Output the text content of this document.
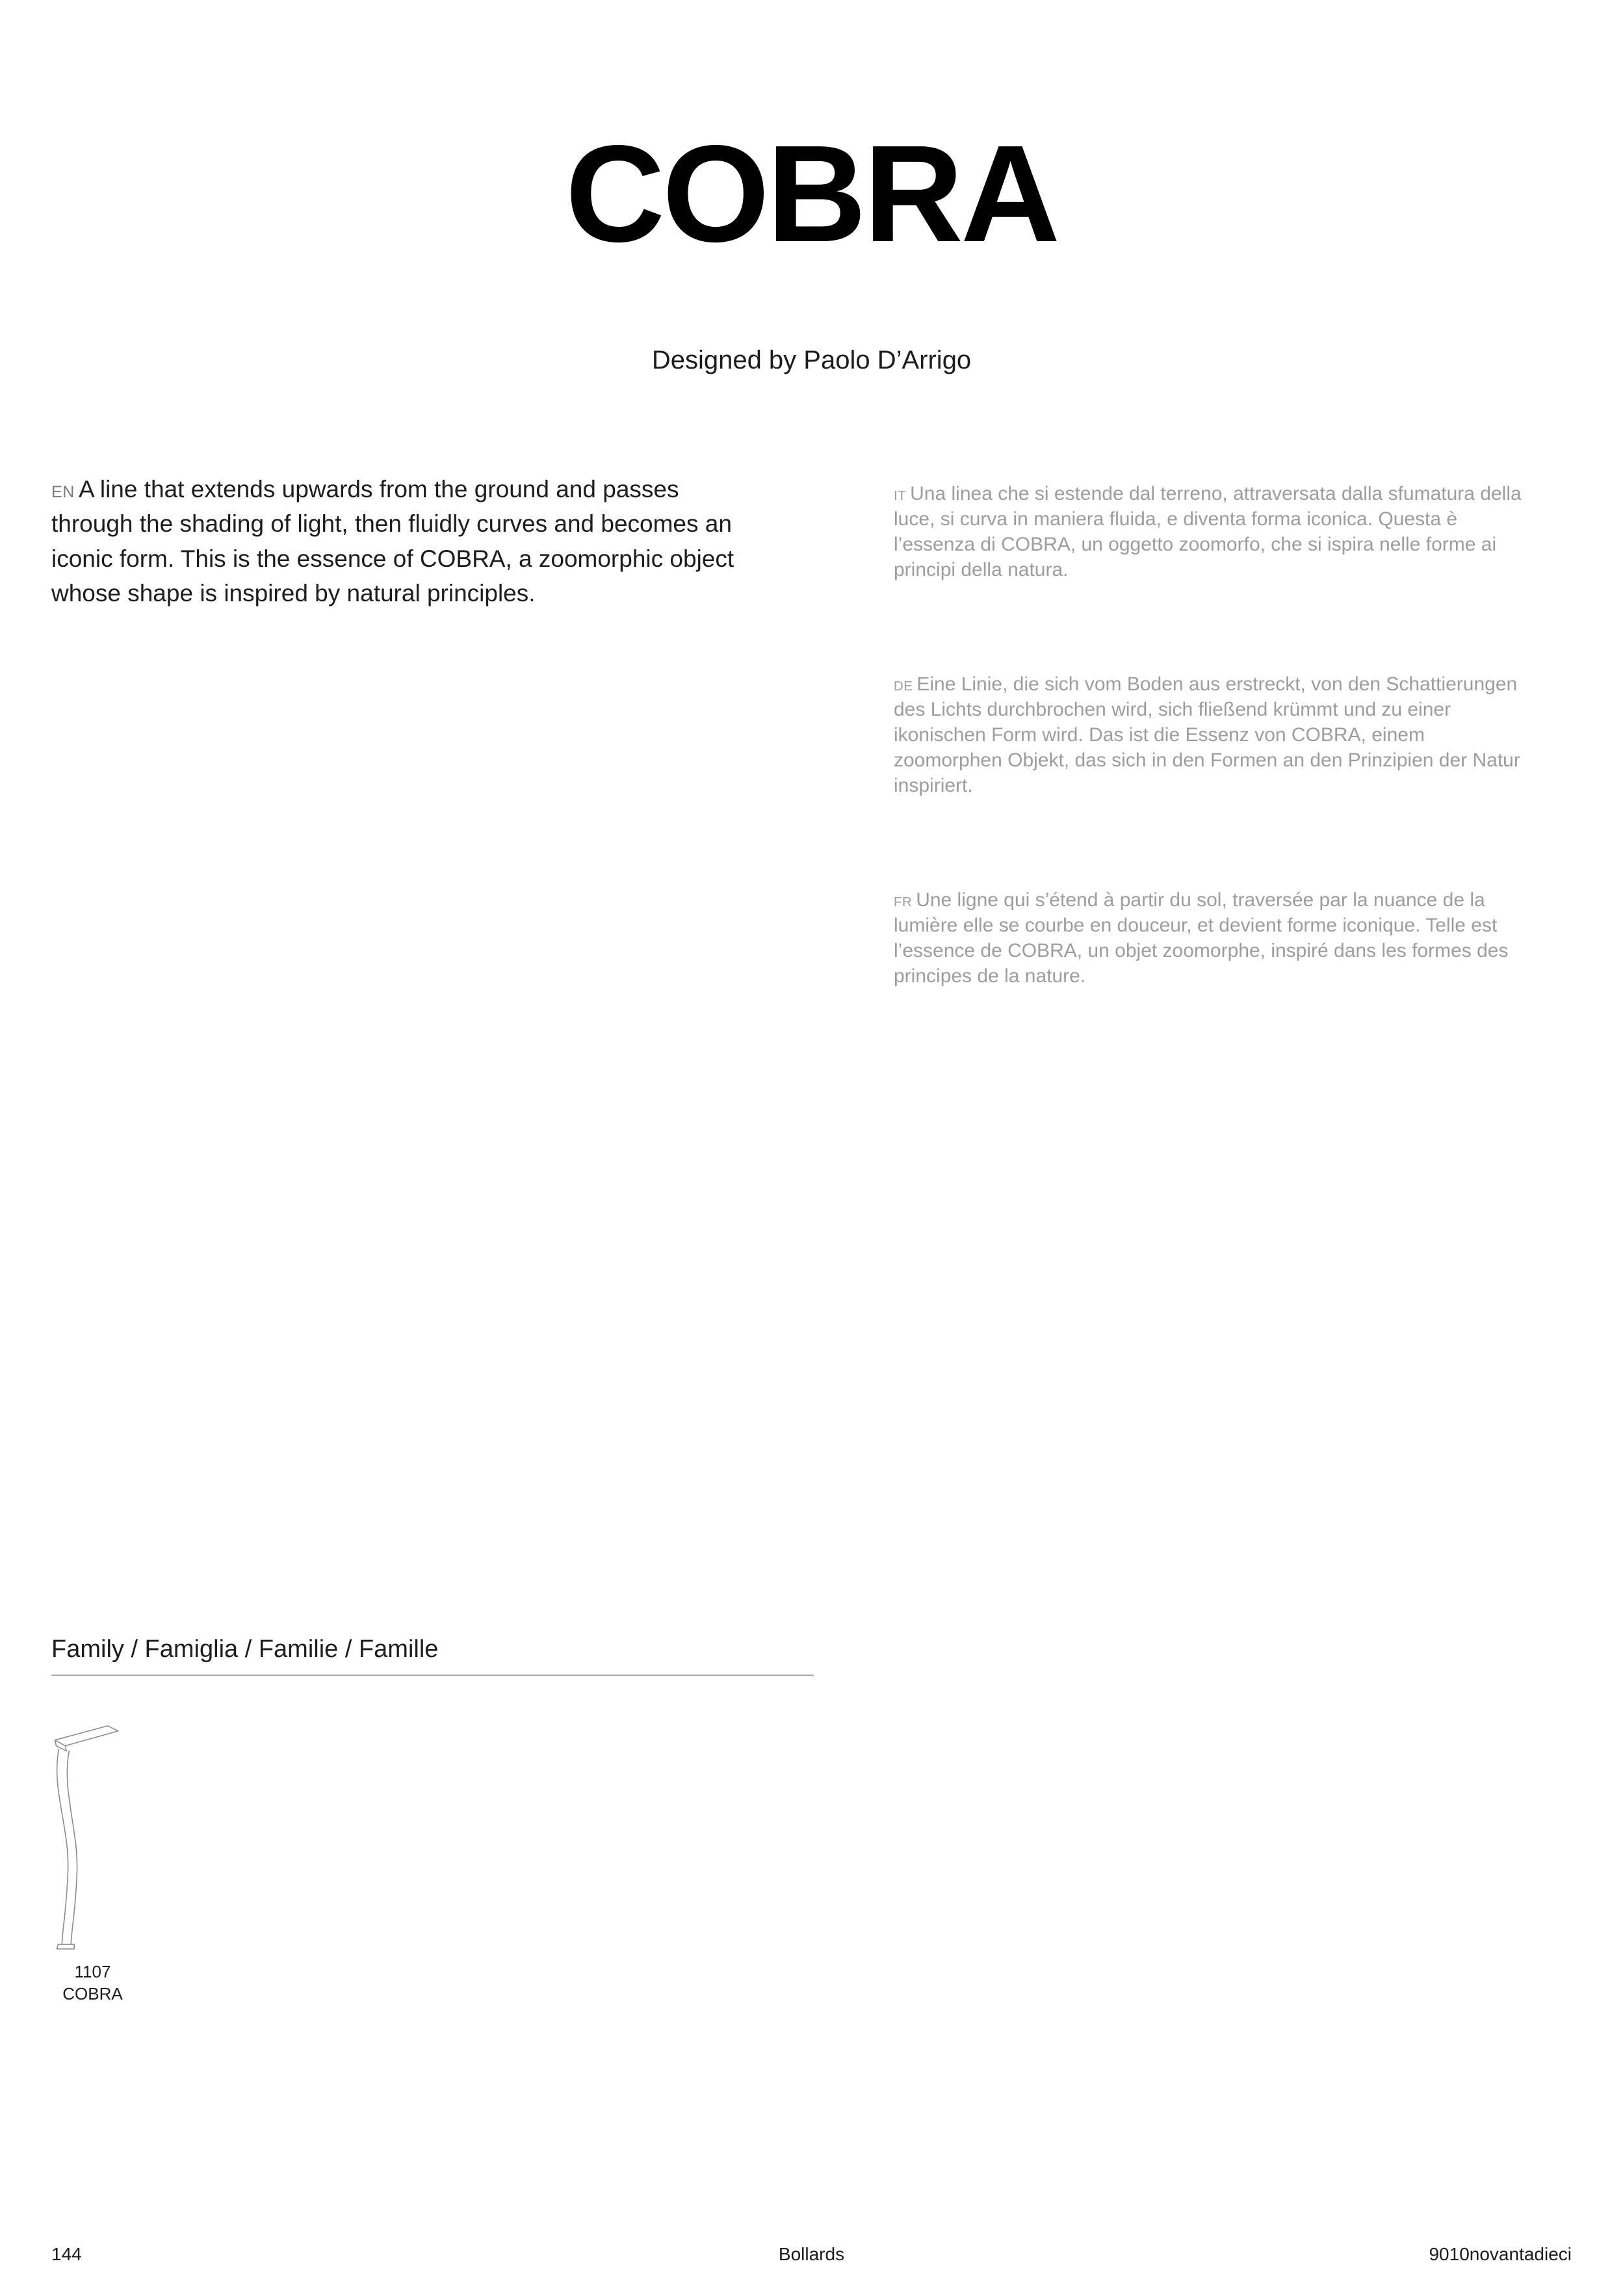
COBRA
Designed by Paolo D’Arrigo

EN A line that extends upwards from the ground and passes through the shading of light, then fluidly curves and becomes an iconic form. This is the essence of COBRA, a zoomorphic object whose shape is inspired by natural principles.

IT Una linea che si estende dal terreno, attraversata dalla sfumatura della luce, si curva in maniera fluida, e diventa forma iconica. Questa è l’essenza di COBRA, un oggetto zoomorfo, che si ispira nelle forme ai principi della natura.

DE Eine Linie, die sich vom Boden aus erstreckt, von den Schattierungen des Lichts durchbrochen wird, sich fließend krümmt und zu einer ikonischen Form wird. Das ist die Essenz von COBRA, einem zoomorphen Objekt, das sich in den Formen an den Prinzipien der Natur inspiriert.

FR Une ligne qui s’étend à partir du sol, traversée par la nuance de la lumière elle se courbe en douceur, et devient forme iconique. Telle est l’essence de COBRA, un objet zoomorphe, inspiré dans les formes des principes de la nature.

Family / Famiglia / Familie / Famille
1107
COBRA
144	Bollards	9010novantadieci
